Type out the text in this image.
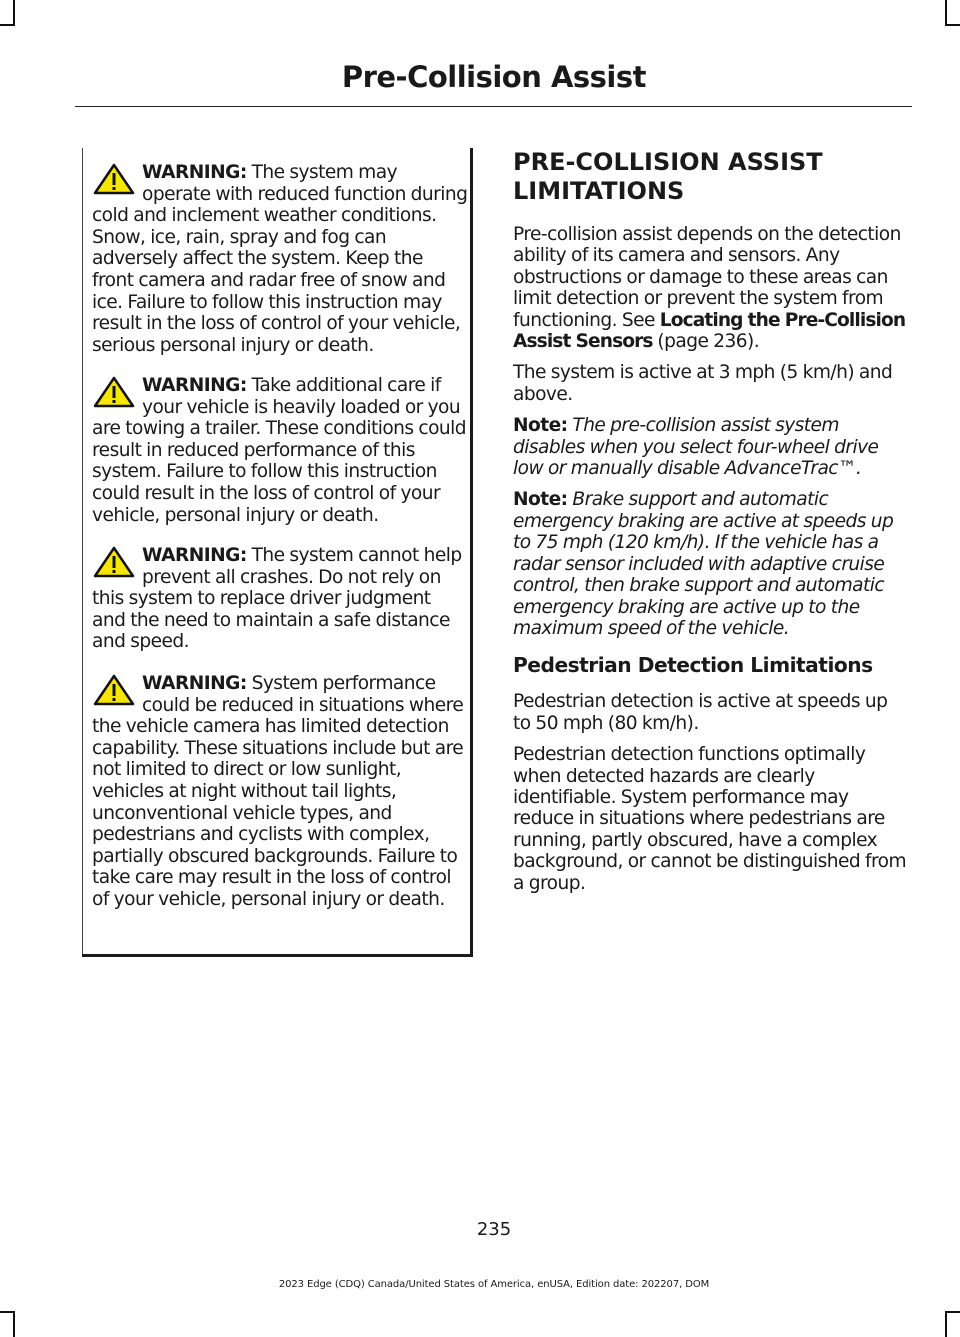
Pre-Collision Assist
WARNING: The system may operate with reduced function during cold and inclement weather conditions. Snow, ice, rain, spray and fog can adversely affect the system. Keep the front camera and radar free of snow and ice. Failure to follow this instruction may result in the loss of control of your vehicle, serious personal injury or death.
WARNING: Take additional care if your vehicle is heavily loaded or you are towing a trailer. These conditions could result in reduced performance of this system. Failure to follow this instruction could result in the loss of control of your vehicle, personal injury or death.
WARNING: The system cannot help prevent all crashes. Do not rely on this system to replace driver judgment and the need to maintain a safe distance and speed.
WARNING: System performance could be reduced in situations where the vehicle camera has limited detection capability. These situations include but are not limited to direct or low sunlight, vehicles at night without tail lights, unconventional vehicle types, and pedestrians and cyclists with complex, partially obscured backgrounds. Failure to take care may result in the loss of control of your vehicle, personal injury or death.
PRE-COLLISION ASSIST
LIMITATIONS

Pre-collision assist depends on the detection ability of its camera and sensors. Any obstructions or damage to these areas can limit detection or prevent the system from functioning. See Locating the Pre-Collision Assist Sensors (page 236).

The system is active at 3 mph (5 km/h) and above.

Note: The pre-collision assist system disables when you select four-wheel drive low or manually disable AdvanceTrac™.

Note: Brake support and automatic emergency braking are active at speeds up to 75 mph (120 km/h). If the vehicle has a radar sensor included with adaptive cruise control, then brake support and automatic emergency braking are active up to the maximum speed of the vehicle.

Pedestrian Detection Limitations

Pedestrian detection is active at speeds up to 50 mph (80 km/h).

Pedestrian detection functions optimally when detected hazards are clearly identifiable. System performance may reduce in situations where pedestrians are running, partly obscured, have a complex background, or cannot be distinguished from a group.

235
2023 Edge (CDQ) Canada/United States of America, enUSA, Edition date: 202207, DOM
